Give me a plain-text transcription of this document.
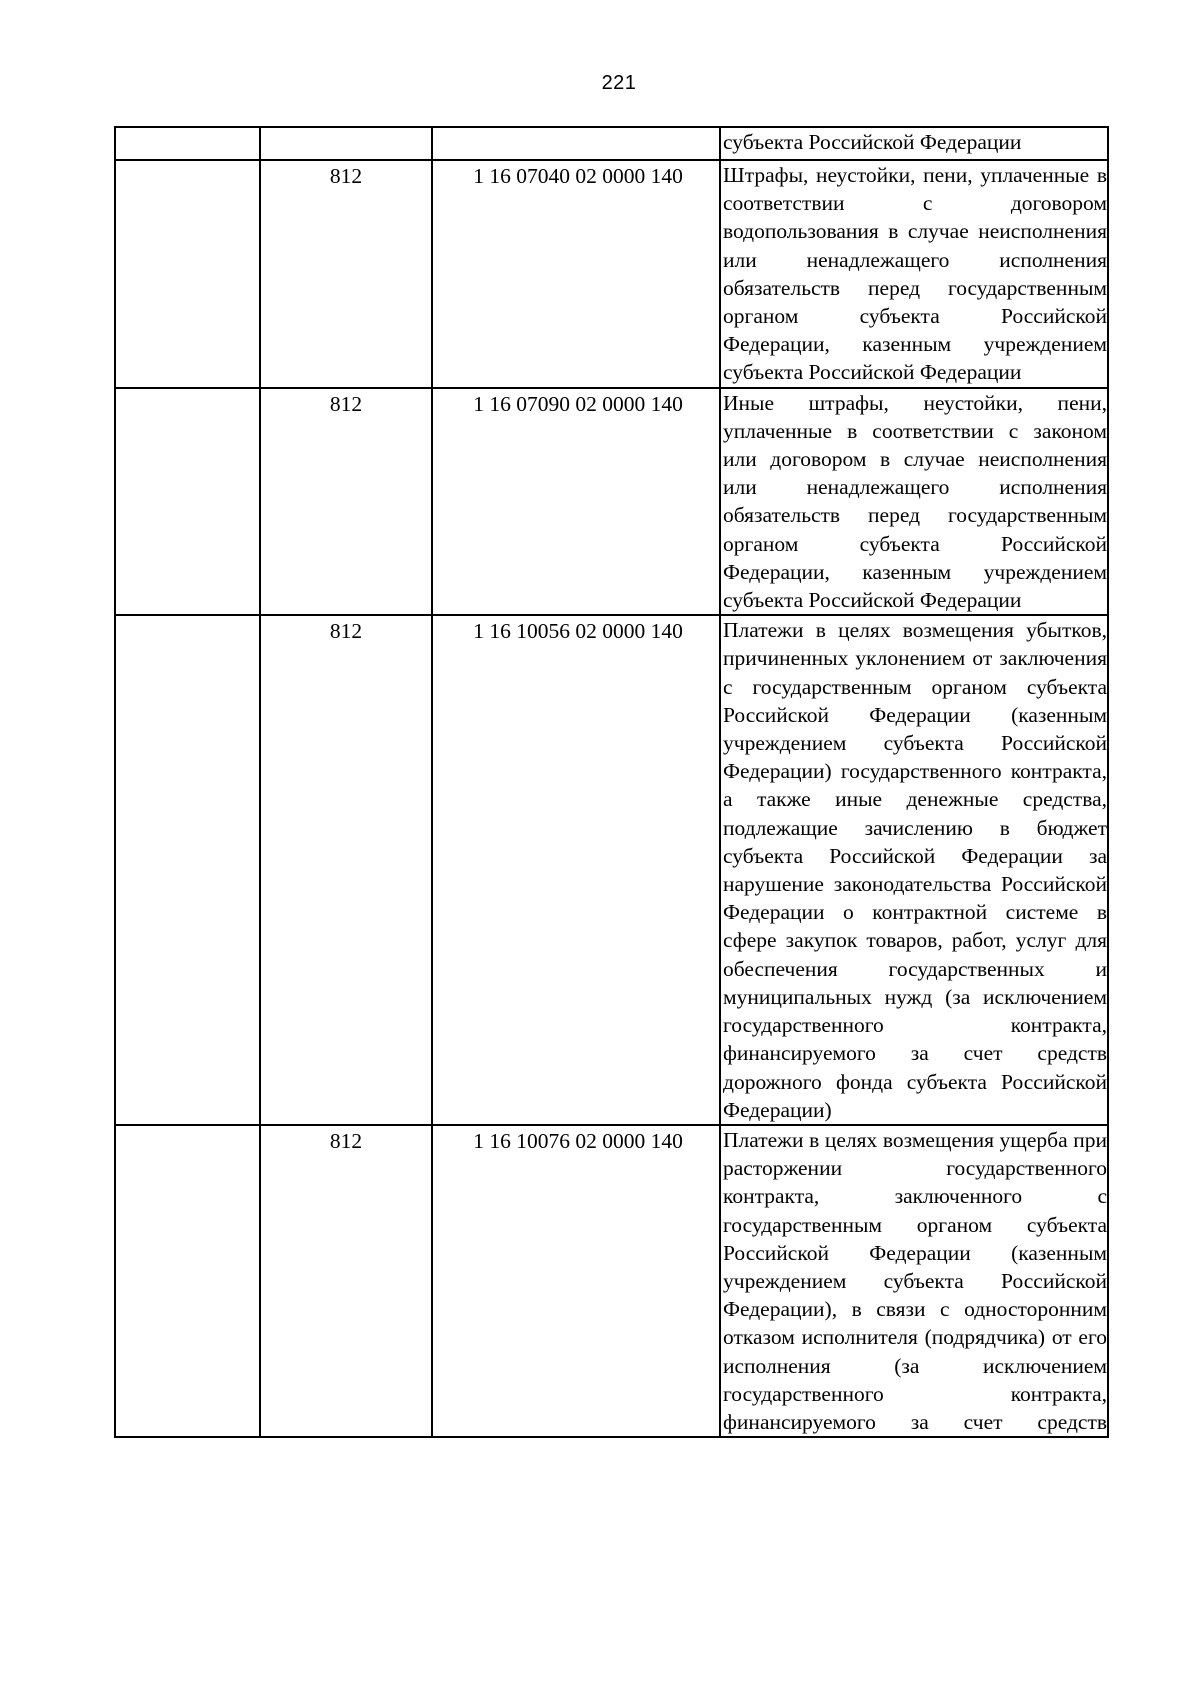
221
			субъекта Российской Федерации
	812	1 16 07040 02 0000 140	Штрафы, неустойки, пени, уплаченные в соответствии с договором водопользования в случае неисполнения или ненадлежащего исполнения обязательств перед государственным органом субъекта Российской Федерации, казенным учреждением субъекта Российской Федерации
	812	1 16 07090 02 0000 140	Иные штрафы, неустойки, пени, уплаченные в соответствии с законом или договором в случае неисполнения или ненадлежащего исполнения обязательств перед государственным органом субъекта Российской Федерации, казенным учреждением субъекта Российской Федерации
	812	1 16 10056 02 0000 140	Платежи в целях возмещения убытков, причиненных уклонением от заключения с государственным органом субъекта Российской Федерации (казенным учреждением субъекта Российской Федерации) государственного контракта, а также иные денежные средства, подлежащие зачислению в бюджет субъекта Российской Федерации за нарушение законодательства Российской Федерации о контрактной системе в сфере закупок товаров, работ, услуг для обеспечения государственных и муниципальных нужд (за исключением государственного контракта, финансируемого за счет средств дорожного фонда субъекта Российской Федерации)
	812	1 16 10076 02 0000 140	Платежи в целях возмещения ущерба при расторжении государственного контракта, заключенного с государственным органом субъекта Российской Федерации (казенным учреждением субъекта Российской Федерации), в связи с односторонним отказом исполнителя (подрядчика) от его исполнения (за исключением государственного контракта, финансируемого за счет средств
